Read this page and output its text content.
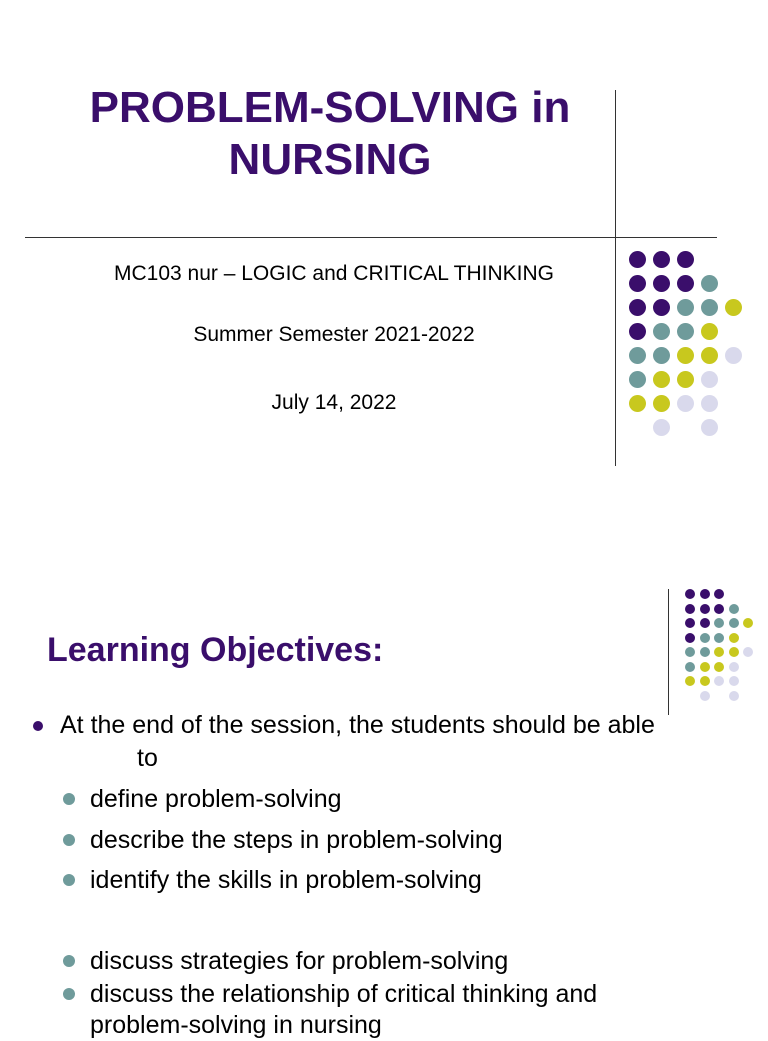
PROBLEM-SOLVING in NURSING
MC103 nur – LOGIC and CRITICAL THINKING
Summer Semester 2021-2022
July 14, 2022
Learning Objectives:
At the end of the session, the students should be able
to
define problem-solving
describe the steps in problem-solving
identify the skills in problem-solving
discuss strategies for problem-solving
discuss the relationship of critical thinking and
problem-solving in nursing
